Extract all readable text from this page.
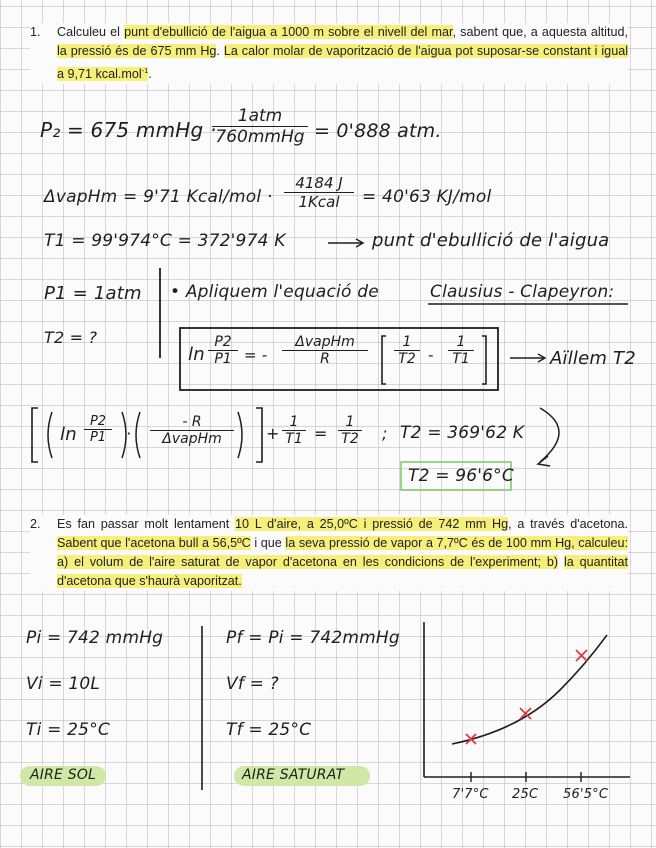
1. Calculeu el punt d'ebullició de l'aigua a 1000 m sobre el nivell del mar, sabent que, a aquesta altitud, la pressió és de 675 mm Hg. La calor molar de vaporització de l'aigua pot suposar-se constant i igual a 9,71 kcal.mol$^{-1}$.
P₂ = 675 mmHg ·
1atm
760mmHg = 0'888 atm.
ΔvapHm = 9'71 Kcal/mol ·
4184 J
1Kcal	= 40'63 KJ/mol
T1 = 99'974°C = 372'974 K	punt d'ebullició de l'aigua
P1 = 1atm • Apliquem l'equació de	Clausius - Clapeyron:
T2 = ?
$\ln \frac{P2}{P1}$ = -
ΔvapHm
R	$\frac{1}{T2} - \frac{1}{T1}$	Aïllem T2
$\ln \frac{P2}{P1}$ ·
- R
ΔvapHm	+ $\frac{1}{T1} = \frac{1}{T2}$ ; T2 = 369'62 K
T2 = 96'6°C
2. Es fan passar molt lentament 10 L d'aire, a 25,0ºC i pressió de 742 mm Hg, a través d'acetona. Sabent que l'acetona bull a 56,5ºC i que la seva pressió de vapor a 7,7ºC és de 100 mm Hg, calculeu: a) el volum de l'aire saturat de vapor d'acetona en les condicions de l'experiment; b) la quantitat d'acetona que s'haurà vaporitzat.
Pi = 742 mmHg
Vi = 10L
Ti = 25°C
AIRE SOL
Pf = Pi = 742mmHg
Vf = ?
Tf = 25°C
AIRE SATURAT
7'7°C 25C 56'5°C
